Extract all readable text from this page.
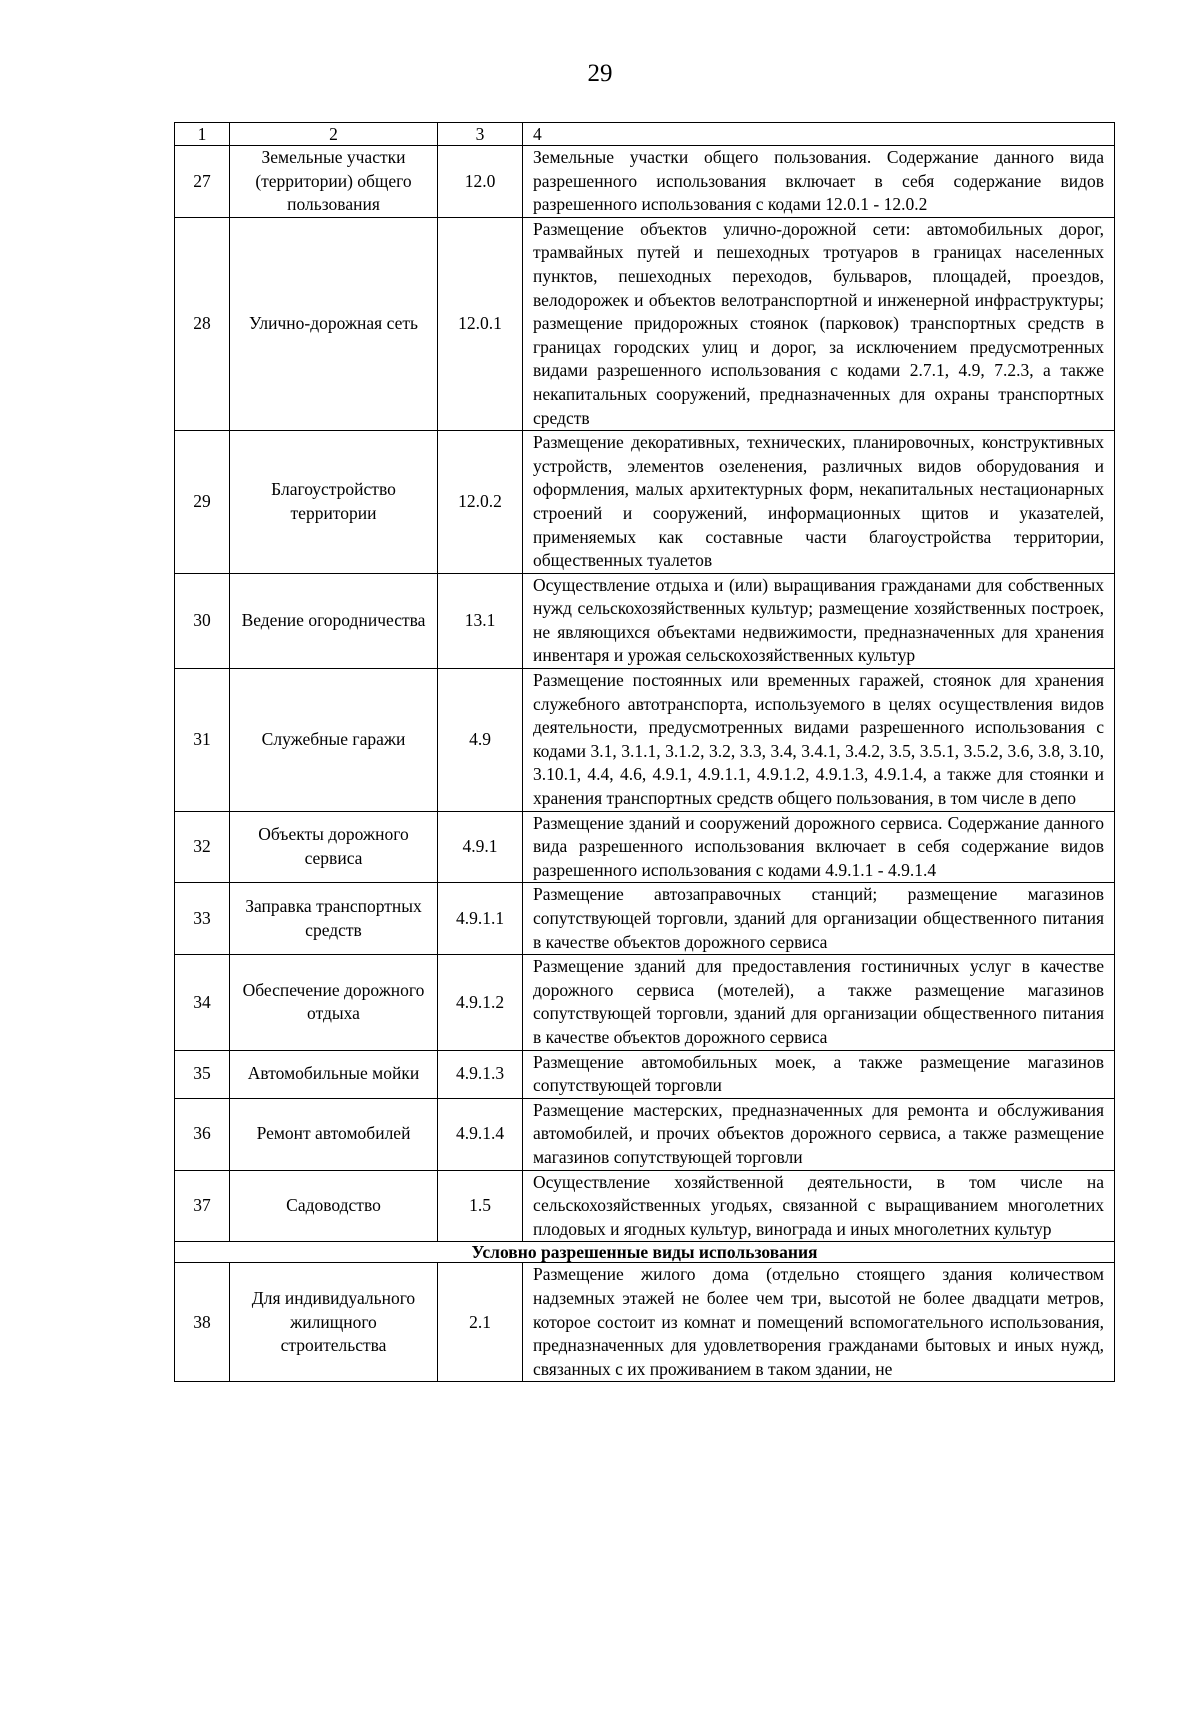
29
1	2	3	4
27	Земельные участки (территории) общего пользования	12.0	Земельные участки общего пользования. Содержание данного вида разрешенного использования включает в себя содержание видов разрешенного использования с кодами 12.0.1 - 12.0.2
28	Улично-дорожная сеть	12.0.1	Размещение объектов улично-дорожной сети: автомобильных дорог, трамвайных путей и пешеходных тротуаров в границах населенных пунктов, пешеходных переходов, бульваров, площадей, проездов, велодорожек и объектов велотранспортной и инженерной инфраструктуры; размещение придорожных стоянок (парковок) транспортных средств в границах городских улиц и дорог, за исключением предусмотренных видами разрешенного использования с кодами 2.7.1, 4.9, 7.2.3, а также некапитальных сооружений, предназначенных для охраны транспортных средств
29	Благоустройство территории	12.0.2	Размещение декоративных, технических, планировочных, конструктивных устройств, элементов озеленения, различных видов оборудования и оформления, малых архитектурных форм, некапитальных нестационарных строений и сооружений, информационных щитов и указателей, применяемых как составные части благоустройства территории, общественных туалетов
30	Ведение огородничества	13.1	Осуществление отдыха и (или) выращивания гражданами для собственных нужд сельскохозяйственных культур; размещение хозяйственных построек, не являющихся объектами недвижимости, предназначенных для хранения инвентаря и урожая сельскохозяйственных культур
31	Служебные гаражи	4.9	Размещение постоянных или временных гаражей, стоянок для хранения служебного автотранспорта, используемого в целях осуществления видов деятельности, предусмотренных видами разрешенного использования с кодами 3.1, 3.1.1, 3.1.2, 3.2, 3.3, 3.4, 3.4.1, 3.4.2, 3.5, 3.5.1, 3.5.2, 3.6, 3.8, 3.10, 3.10.1, 4.4, 4.6, 4.9.1, 4.9.1.1, 4.9.1.2, 4.9.1.3, 4.9.1.4, а также для стоянки и хранения транспортных средств общего пользования, в том числе в депо
32	Объекты дорожного сервиса	4.9.1	Размещение зданий и сооружений дорожного сервиса. Содержание данного вида разрешенного использования включает в себя содержание видов разрешенного использования с кодами 4.9.1.1 - 4.9.1.4
33	Заправка транспортных средств	4.9.1.1	Размещение автозаправочных станций; размещение магазинов сопутствующей торговли, зданий для организации общественного питания в качестве объектов дорожного сервиса
34	Обеспечение дорожного отдыха	4.9.1.2	Размещение зданий для предоставления гостиничных услуг в качестве дорожного сервиса (мотелей), а также размещение магазинов сопутствующей торговли, зданий для организации общественного питания в качестве объектов дорожного сервиса
35	Автомобильные мойки	4.9.1.3	Размещение автомобильных моек, а также размещение магазинов сопутствующей торговли
36	Ремонт автомобилей	4.9.1.4	Размещение мастерских, предназначенных для ремонта и обслуживания автомобилей, и прочих объектов дорожного сервиса, а также размещение магазинов сопутствующей торговли
37	Садоводство	1.5	Осуществление хозяйственной деятельности, в том числе на сельскохозяйственных угодьях, связанной с выращиванием многолетних плодовых и ягодных культур, винограда и иных многолетних культур
Условно разрешенные виды использования			
38	Для индивидуального жилищного строительства	2.1	Размещение жилого дома (отдельно стоящего здания количеством надземных этажей не более чем три, высотой не более двадцати метров, которое состоит из комнат и помещений вспомогательного использования, предназначенных для удовлетворения гражданами бытовых и иных нужд, связанных с их проживанием в таком здании, не
